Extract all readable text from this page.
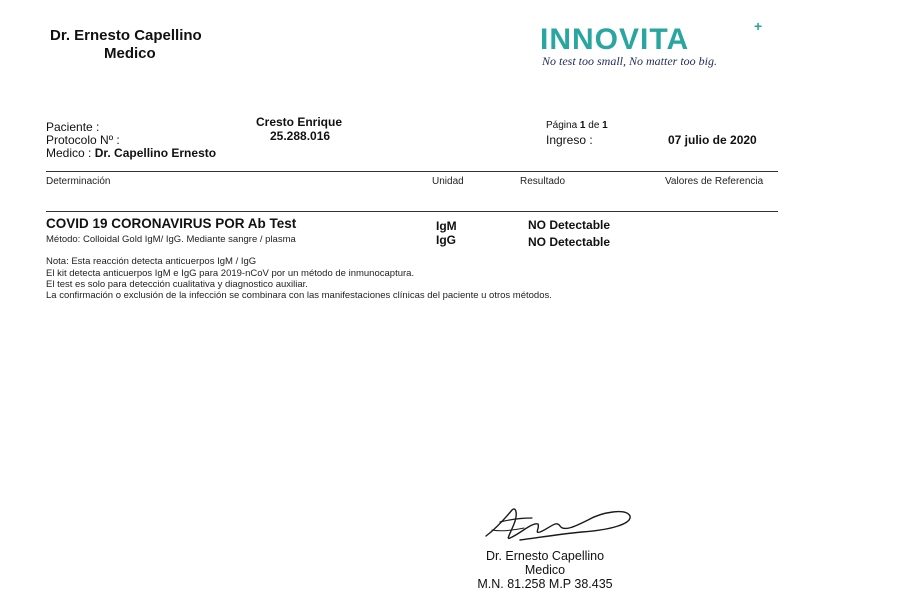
Dr. Ernesto Capellino
Medico	INNOVITA	+
No test too small, No matter too big.
Paciente :	Cresto Enrique
Protocolo Nº :	25.288.016
Medico : Dr. Capellino Ernesto
Página 1 de 1
Ingreso :	07 julio de 2020
Determinación	Unidad	Resultado	Valores de Referencia
COVID 19 CORONAVIRUS POR Ab Test
Método: Colloidal Gold IgM/ IgG. Mediante sangre / plasma
IgM	NO Detectable
IgG	NO Detectable
Nota: Esta reacción detecta anticuerpos IgM / IgG
El kit detecta anticuerpos IgM e IgG para 2019-nCoV por un método de inmunocaptura.
El test es solo para detección cualitativa y diagnostico auxiliar.
La confirmación o exclusión de la infección se combinara con las manifestaciones clínicas del paciente u otros métodos.
Dr. Ernesto Capellino
Medico
M.N. 81.258 M.P 38.435
